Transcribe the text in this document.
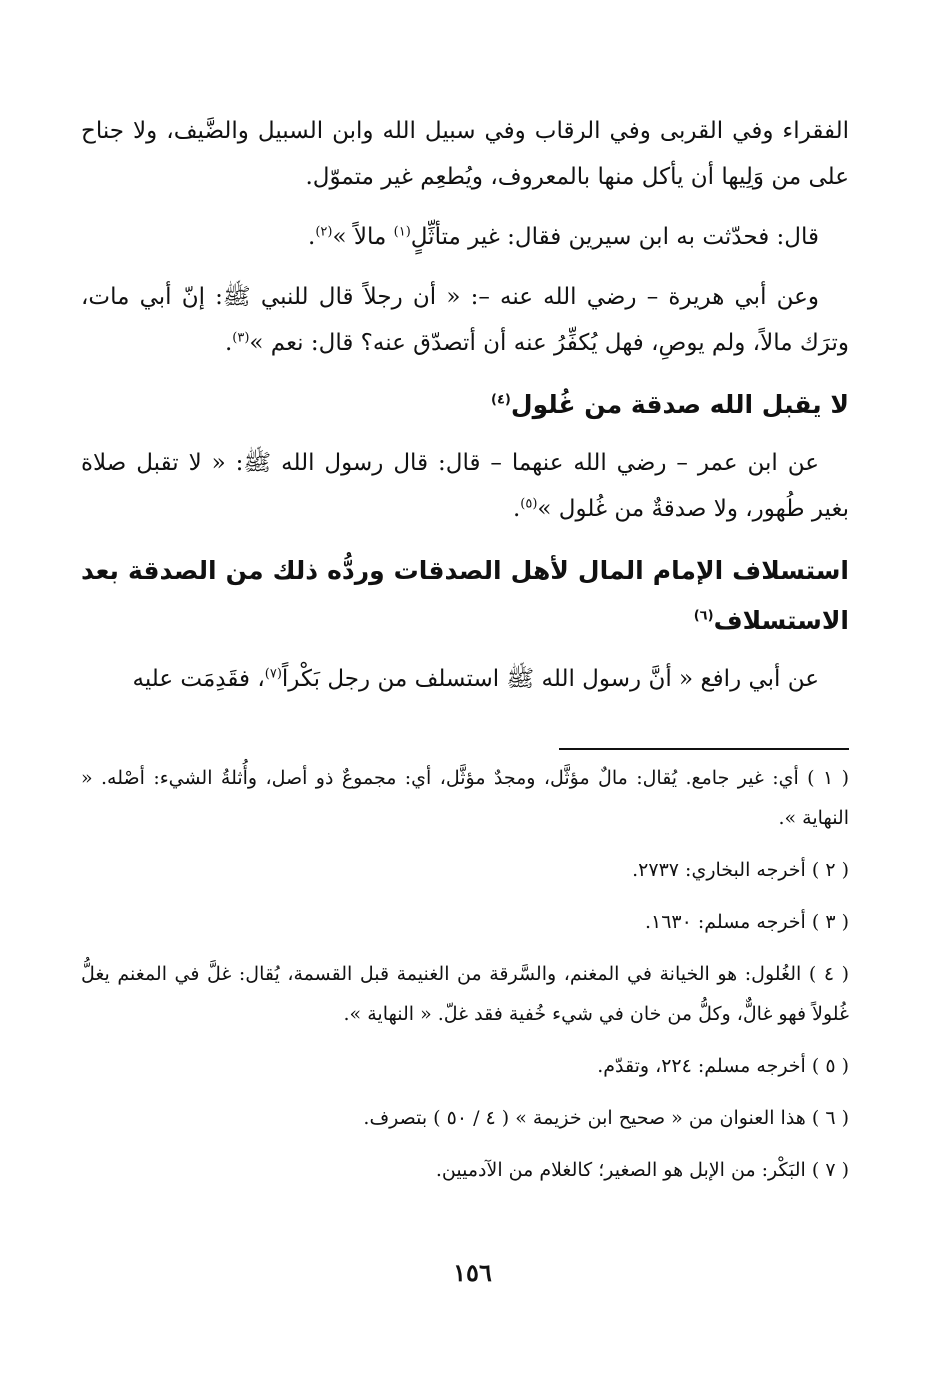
الفقراء وفي القربى وفي الرقاب وفي سبيل الله وابن السبيل والضَّيف، ولا جناح على من وَلِيها أن يأكل منها بالمعروف، ويُطعِم غير متموّل.

قال: فحدّثت به ابن سيرين فقال: غير متأثِّلٍ$^{(١)}$ مالاً »$^{(٢)}$.

وعن أبي هريرة – رضي الله عنه –: « أن رجلاً قال للنبي ﷺ: إنّ أبي مات، وترَك مالاً، ولم يوصِ، فهل يُكفِّرُ عنه أن أتصدّق عنه؟ قال: نعم »$^{(٣)}$.

لا يقبل الله صدقة من غُلول$^{(٤)}$

عن ابن عمر – رضي الله عنهما – قال: قال رسول الله ﷺ: « لا تقبل صلاة بغير طُهور، ولا صدقةٌ من غُلول »$^{(٥)}$.

استسلاف الإمام المال لأهل الصدقات وردُّه ذلك من الصدقة بعد الاستسلاف$^{(٦)}$

عن أبي رافع « أنَّ رسول الله ﷺ استسلف من رجل بَكْراً$^{(٧)}$، فقَدِمَت عليه

( ١ ) أي: غير جامع. يُقال: مالٌ مؤثَّل، ومجدٌ مؤثَّل، أي: مجموعٌ ذو أصل، وأُثلةُ الشيء: أصْله. « النهاية ».

( ٢ ) أخرجه البخاري: ٢٧٣٧.

( ٣ ) أخرجه مسلم: ١٦٣٠.

( ٤ ) الغُلول: هو الخيانة في المغنم، والسَّرقة من الغنيمة قبل القسمة، يُقال: غلَّ في المغنم يغلُّ غُلولاً فهو غالٌّ، وكلُّ من خان في شيء خُفية فقد غلّ. « النهاية ».

( ٥ ) أخرجه مسلم: ٢٢٤، وتقدّم.

( ٦ ) هذا العنوان من « صحيح ابن خزيمة » ( ٤ / ٥٠ ) بتصرف.

( ٧ ) البَكْر: من الإبل هو الصغير؛ كالغلام من الآدميين.

١٥٦
